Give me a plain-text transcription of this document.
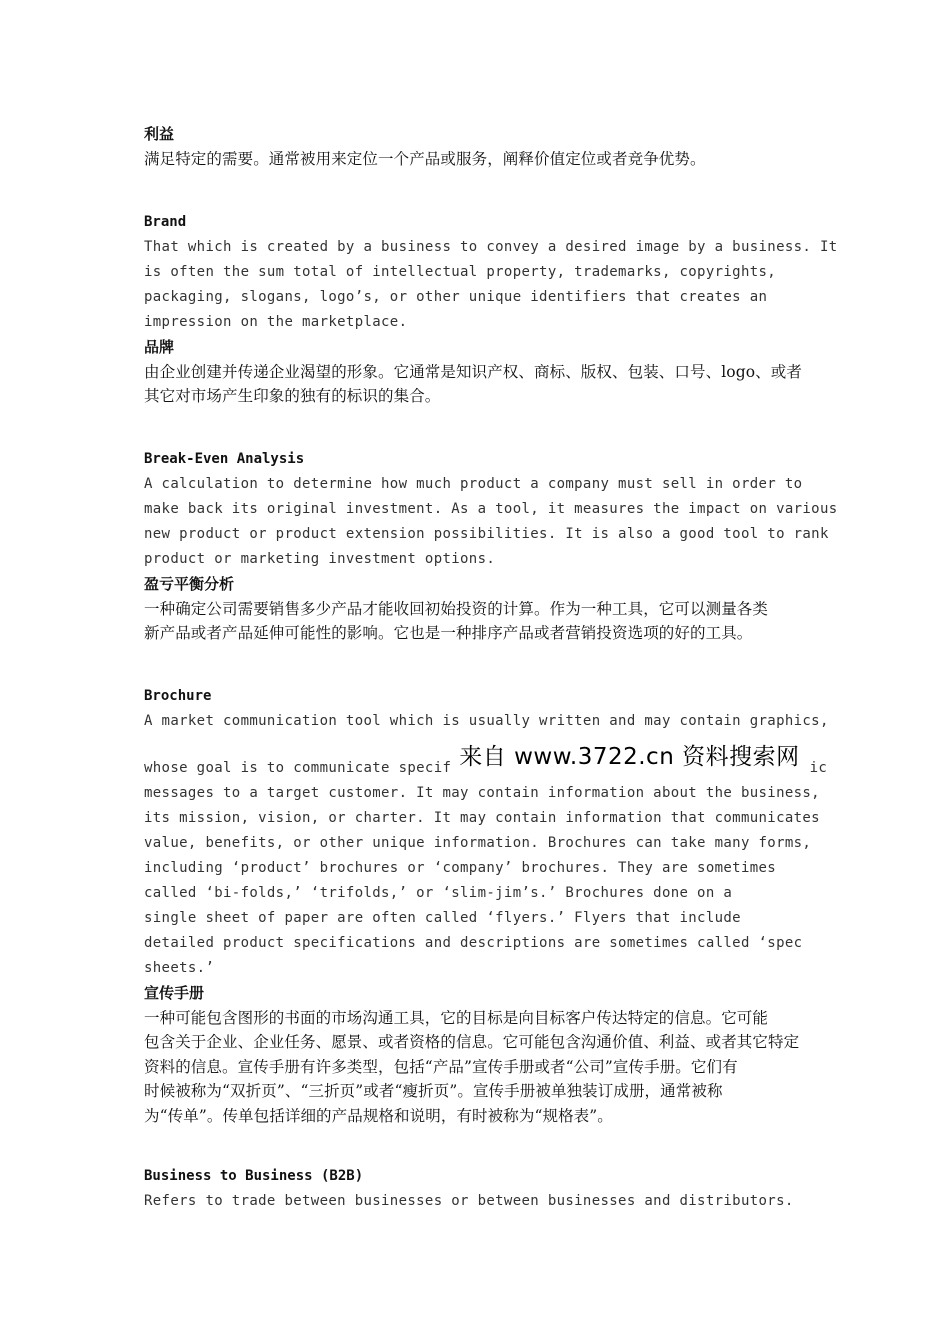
利益
满足特定的需要。通常被用来定位一个产品或服务，阐释价值定位或者竞争优势。
Brand
That which is created by a business to convey a desired image by a business. It
is often the sum total of intellectual property, trademarks, copyrights,
packaging, slogans, logo’s, or other unique identifiers that creates an
impression on the marketplace.
品牌
由企业创建并传递企业渴望的形象。它通常是知识产权、商标、版权、包装、口号、logo、或者
其它对市场产生印象的独有的标识的集合。
Break-Even Analysis
A calculation to determine how much product a company must sell in order to
make back its original investment. As a tool, it measures the impact on various
new product or product extension possibilities. It is also a good tool to rank
product or marketing investment options.
盈亏平衡分析
一种确定公司需要销售多少产品才能收回初始投资的计算。作为一种工具，它可以测量各类
新产品或者产品延伸可能性的影响。它也是一种排序产品或者营销投资选项的好的工具。
Brochure
A market communication tool which is usually written and may contain graphics,
whose goal is to communicate specif 来自 www.3722.cn 资料搜索网 ic
messages to a target customer. It may contain information about the business,
its mission, vision, or charter. It may contain information that communicates
value, benefits, or other unique information. Brochures can take many forms,
including ‘product’ brochures or ‘company’ brochures. They are sometimes
called ‘bi-folds,’ ‘trifolds,’ or ‘slim-jim’s.’ Brochures done on a
single sheet of paper are often called ‘flyers.’ Flyers that include
detailed product specifications and descriptions are sometimes called ‘spec
sheets.’
宣传手册
一种可能包含图形的书面的市场沟通工具，它的目标是向目标客户传达特定的信息。它可能
包含关于企业、企业任务、愿景、或者资格的信息。它可能包含沟通价值、利益、或者其它特定
资料的信息。宣传手册有许多类型，包括“产品”宣传手册或者“公司”宣传手册。它们有
时候被称为“双折页”、“三折页”或者“瘦折页”。宣传手册被单独装订成册，通常被称
为“传单”。传单包括详细的产品规格和说明，有时被称为“规格表”。
Business to Business (B2B)
Refers to trade between businesses or between businesses and distributors.
